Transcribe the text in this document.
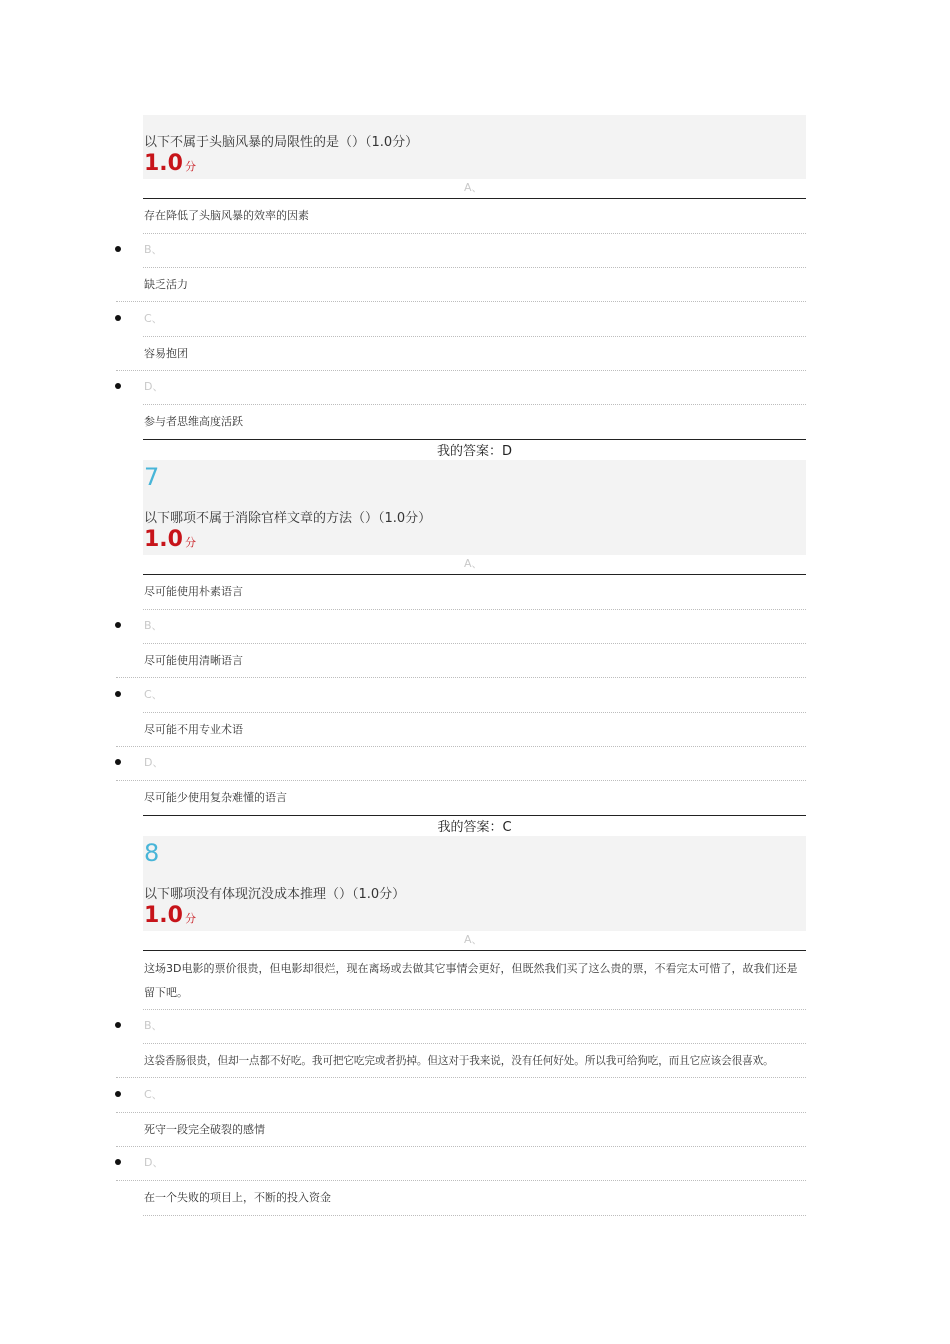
以下不属于头脑风暴的局限性的是（）（1.0分）
1.0 分
A、
存在降低了头脑风暴的效率的因素
B、
缺乏活力
C、
容易抱团
D、
参与者思维高度活跃
我的答案：D
7
以下哪项不属于消除官样文章的方法（）（1.0分）
1.0 分
A、
尽可能使用朴素语言
B、
尽可能使用清晰语言
C、
尽可能不用专业术语
D、
尽可能少使用复杂难懂的语言
我的答案：C
8
以下哪项没有体现沉没成本推理（）（1.0分）
1.0 分
A、
这场3D电影的票价很贵，但电影却很烂，现在离场或去做其它事情会更好，但既然我们买了这么贵的票，不看完太可惜了，故我们还是留下吧。
B、
这袋香肠很贵，但却一点都不好吃。我可把它吃完或者扔掉。但这对于我来说，没有任何好处。所以我可给狗吃，而且它应该会很喜欢。
C、
死守一段完全破裂的感情
D、
在一个失败的项目上，不断的投入资金
